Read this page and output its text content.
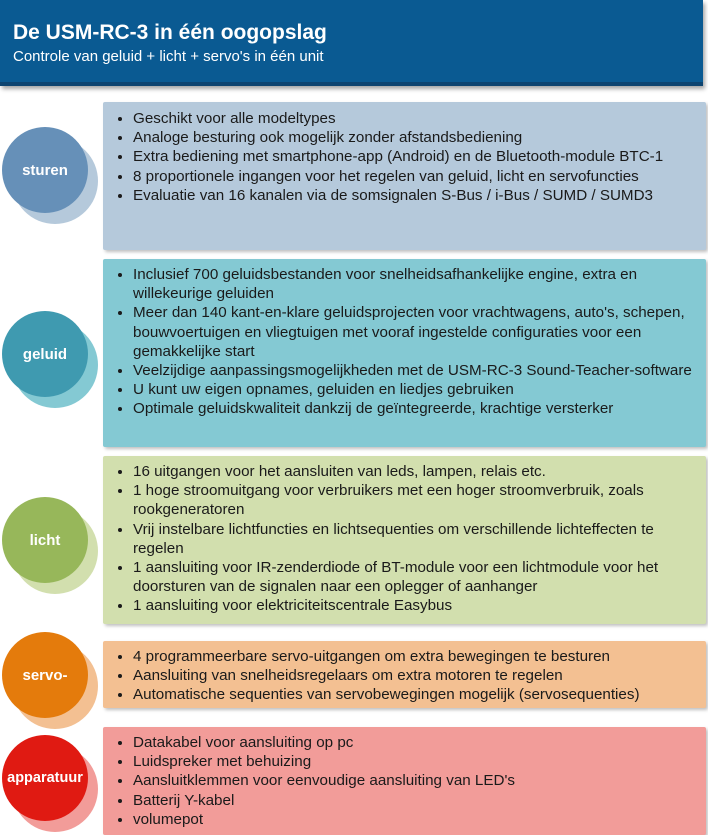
De USM-RC-3 in één oogopslag
Controle van geluid + licht + servo's in één unit
• Geschikt voor alle modeltypes
• Analoge besturing ook mogelijk zonder afstandsbediening
• Extra bediening met smartphone-app (Android) en de Bluetooth-module BTC-1
• 8 proportionele ingangen voor het regelen van geluid, licht en servofuncties
• Evaluatie van 16 kanalen via de somsignalen S-Bus / i-Bus / SUMD / SUMD3
sturen
• Inclusief 700 geluidsbestanden voor snelheidsafhankelijke engine, extra en willekeurige geluiden
• Meer dan 140 kant-en-klare geluidsprojecten voor vrachtwagens, auto's, schepen, bouwvoertuigen en vliegtuigen met vooraf ingestelde configuraties voor een gemakkelijke start
• Veelzijdige aanpassingsmogelijkheden met de USM-RC-3 Sound-Teacher-software
• U kunt uw eigen opnames, geluiden en liedjes gebruiken
• Optimale geluidskwaliteit dankzij de geïntegreerde, krachtige versterker
geluid
• 16 uitgangen voor het aansluiten van leds, lampen, relais etc.
• 1 hoge stroomuitgang voor verbruikers met een hoger stroomverbruik, zoals rookgeneratoren
• Vrij instelbare lichtfuncties en lichtsequenties om verschillende lichteffecten te regelen
• 1 aansluiting voor IR-zenderdiode of BT-module voor een lichtmodule voor het doorsturen van de signalen naar een oplegger of aanhanger
• 1 aansluiting voor elektriciteitscentrale Easybus
licht
• 4 programmeerbare servo-uitgangen om extra bewegingen te besturen
• Aansluiting van snelheidsregelaars om extra motoren te regelen
• Automatische sequenties van servobewegingen mogelijk (servosequenties)
servo-
• Datakabel voor aansluiting op pc
• Luidspreker met behuizing
• Aansluitklemmen voor eenvoudige aansluiting van LED's
• Batterij Y-kabel
• volumepot
apparatuur
